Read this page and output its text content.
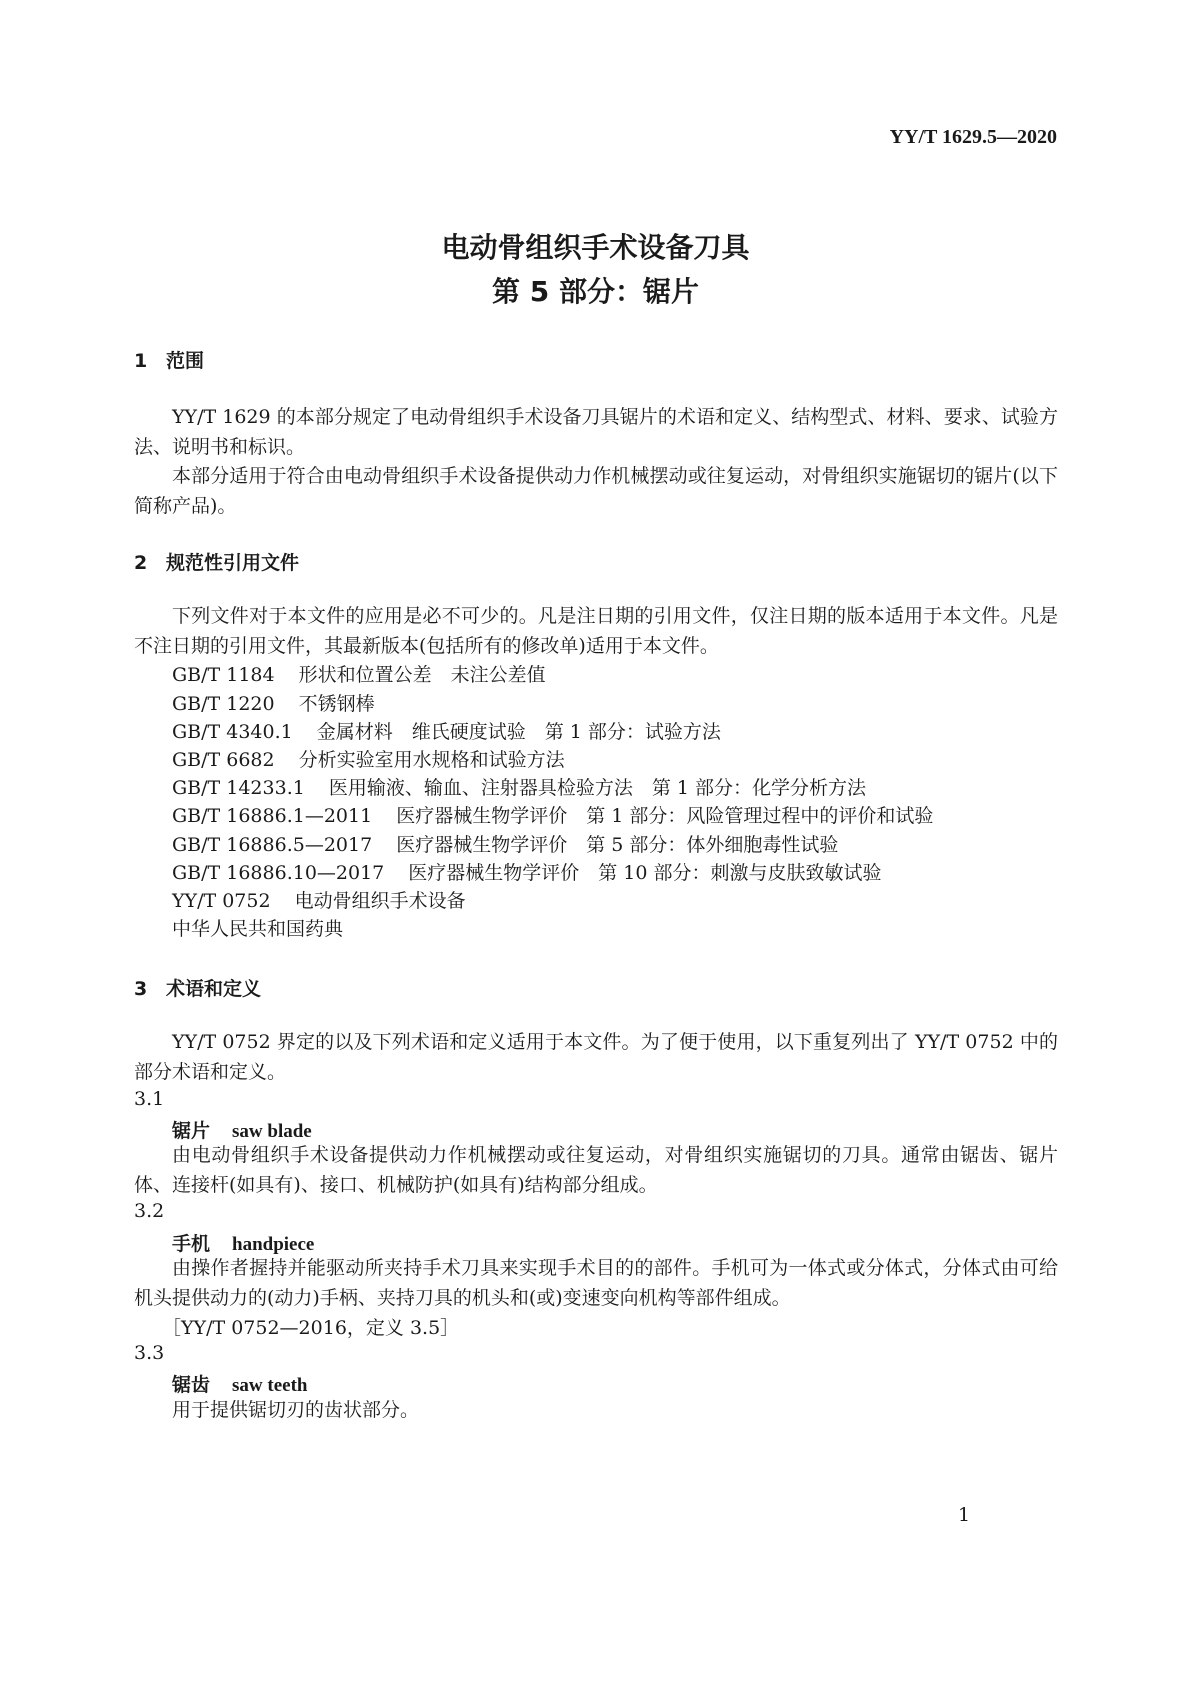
YY/T 1629.5—2020
电动骨组织手术设备刀具
第 5 部分：锯片
1 范围
YY/T 1629 的本部分规定了电动骨组织手术设备刀具锯片的术语和定义、结构型式、材料、要求、试验方法、说明书和标识。
本部分适用于符合由电动骨组织手术设备提供动力作机械摆动或往复运动，对骨组织实施锯切的锯片(以下简称产品)。
2 规范性引用文件
下列文件对于本文件的应用是必不可少的。凡是注日期的引用文件，仅注日期的版本适用于本文件。凡是不注日期的引用文件，其最新版本(包括所有的修改单)适用于本文件。
GB/T 1184 形状和位置公差　未注公差值
GB/T 1220 不锈钢棒
GB/T 4340.1 金属材料　维氏硬度试验　第 1 部分：试验方法
GB/T 6682 分析实验室用水规格和试验方法
GB/T 14233.1 医用输液、输血、注射器具检验方法　第 1 部分：化学分析方法
GB/T 16886.1—2011 医疗器械生物学评价　第 1 部分：风险管理过程中的评价和试验
GB/T 16886.5—2017 医疗器械生物学评价　第 5 部分：体外细胞毒性试验
GB/T 16886.10—2017 医疗器械生物学评价　第 10 部分：刺激与皮肤致敏试验
YY/T 0752 电动骨组织手术设备
中华人民共和国药典
3 术语和定义
YY/T 0752 界定的以及下列术语和定义适用于本文件。为了便于使用，以下重复列出了 YY/T 0752 中的部分术语和定义。
3.1
锯片 saw blade
由电动骨组织手术设备提供动力作机械摆动或往复运动，对骨组织实施锯切的刀具。通常由锯齿、锯片体、连接杆(如具有)、接口、机械防护(如具有)结构部分组成。
3.2
手机 handpiece
由操作者握持并能驱动所夹持手术刀具来实现手术目的的部件。手机可为一体式或分体式，分体式由可给机头提供动力的(动力)手柄、夹持刀具的机头和(或)变速变向机构等部件组成。
［YY/T 0752—2016，定义 3.5］
3.3
锯齿 saw teeth
用于提供锯切刃的齿状部分。
1
